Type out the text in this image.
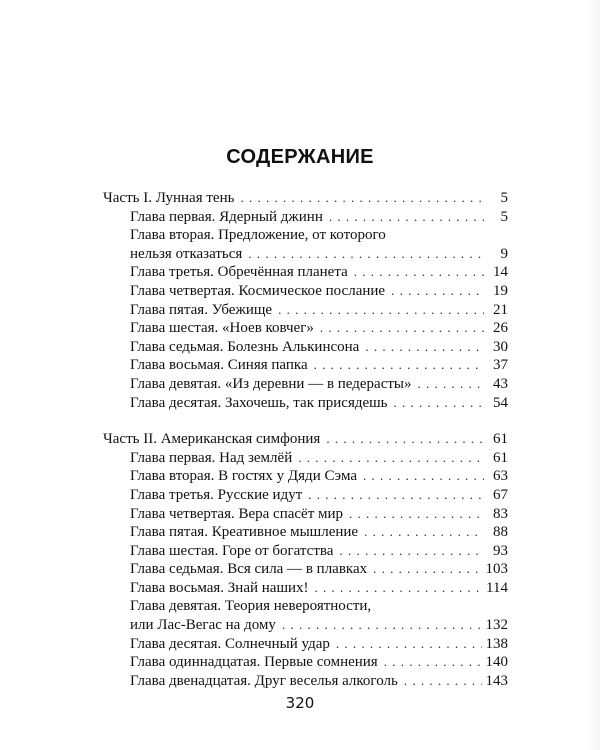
СОДЕРЖАНИЕ
Часть I. Лунная тень . . .	5
Глава первая. Ядерный джинн . . .	5
Глава вторая. Предложение, от которого
нельзя отказаться . . .	9
Глава третья. Обречённая планета . . .	14
Глава четвертая. Космическое послание . . .	19
Глава пятая. Убежище . . .	21
Глава шестая. «Ноев ковчег» . . .	26
Глава седьмая. Болезнь Алькинсона . . .	30
Глава восьмая. Синяя папка . . .	37
Глава девятая. «Из деревни — в педерасты» . . .	43
Глава десятая. Захочешь, так присядешь . . .	54
Часть II. Американская симфония . . .	61
Глава первая. Над землёй . . .	61
Глава вторая. В гостях у Дяди Сэма . . .	63
Глава третья. Русские идут . . .	67
Глава четвертая. Вера спасёт мир . . .	83
Глава пятая. Креативное мышление . . .	88
Глава шестая. Горе от богатства . . .	93
Глава седьмая. Вся сила — в плавках . . .	103
Глава восьмая. Знай наших! . . .	114
Глава девятая. Теория невероятности,
или Лас-Вегас на дому . . .	132
Глава десятая. Солнечный удар . . .	138
Глава одиннадцатая. Первые сомнения . . .	140
Глава двенадцатая. Друг веселья алкоголь . . .	143
320
